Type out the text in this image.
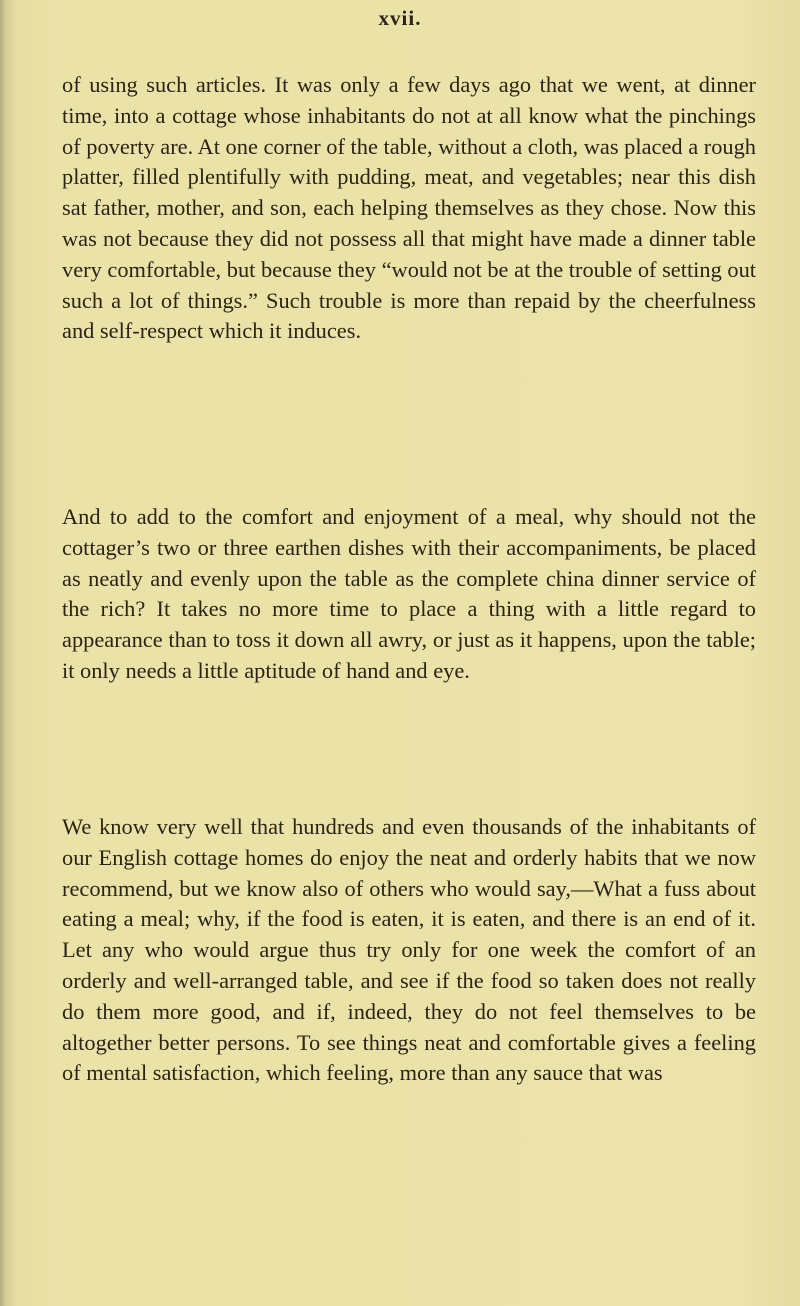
xvii.

of using such articles. It was only a few days ago that we went, at dinner time, into a cottage whose inhabitants do not at all know what the pinchings of poverty are. At one corner of the table, without a cloth, was placed a rough platter, filled plentifully with pudding, meat, and vegetables; near this dish sat father, mother, and son, each helping themselves as they chose. Now this was not because they did not possess all that might have made a dinner table very comfortable, but because they “would not be at the trouble of setting out such a lot of things.” Such trouble is more than repaid by the cheerfulness and self-respect which it induces.

And to add to the comfort and enjoyment of a meal, why should not the cottager’s two or three earthen dishes with their accompaniments, be placed as neatly and evenly upon the table as the complete china dinner service of the rich? It takes no more time to place a thing with a little regard to appearance than to toss it down all awry, or just as it happens, upon the table; it only needs a little aptitude of hand and eye.

We know very well that hundreds and even thousands of the inhabitants of our English cottage homes do enjoy the neat and orderly habits that we now recommend, but we know also of others who would say,—What a fuss about eating a meal; why, if the food is eaten, it is eaten, and there is an end of it. Let any who would argue thus try only for one week the comfort of an orderly and well-arranged table, and see if the food so taken does not really do them more good, and if, indeed, they do not feel themselves to be altogether better persons. To see things neat and comfortable gives a feeling of mental satisfaction, which feeling, more than any sauce that was
